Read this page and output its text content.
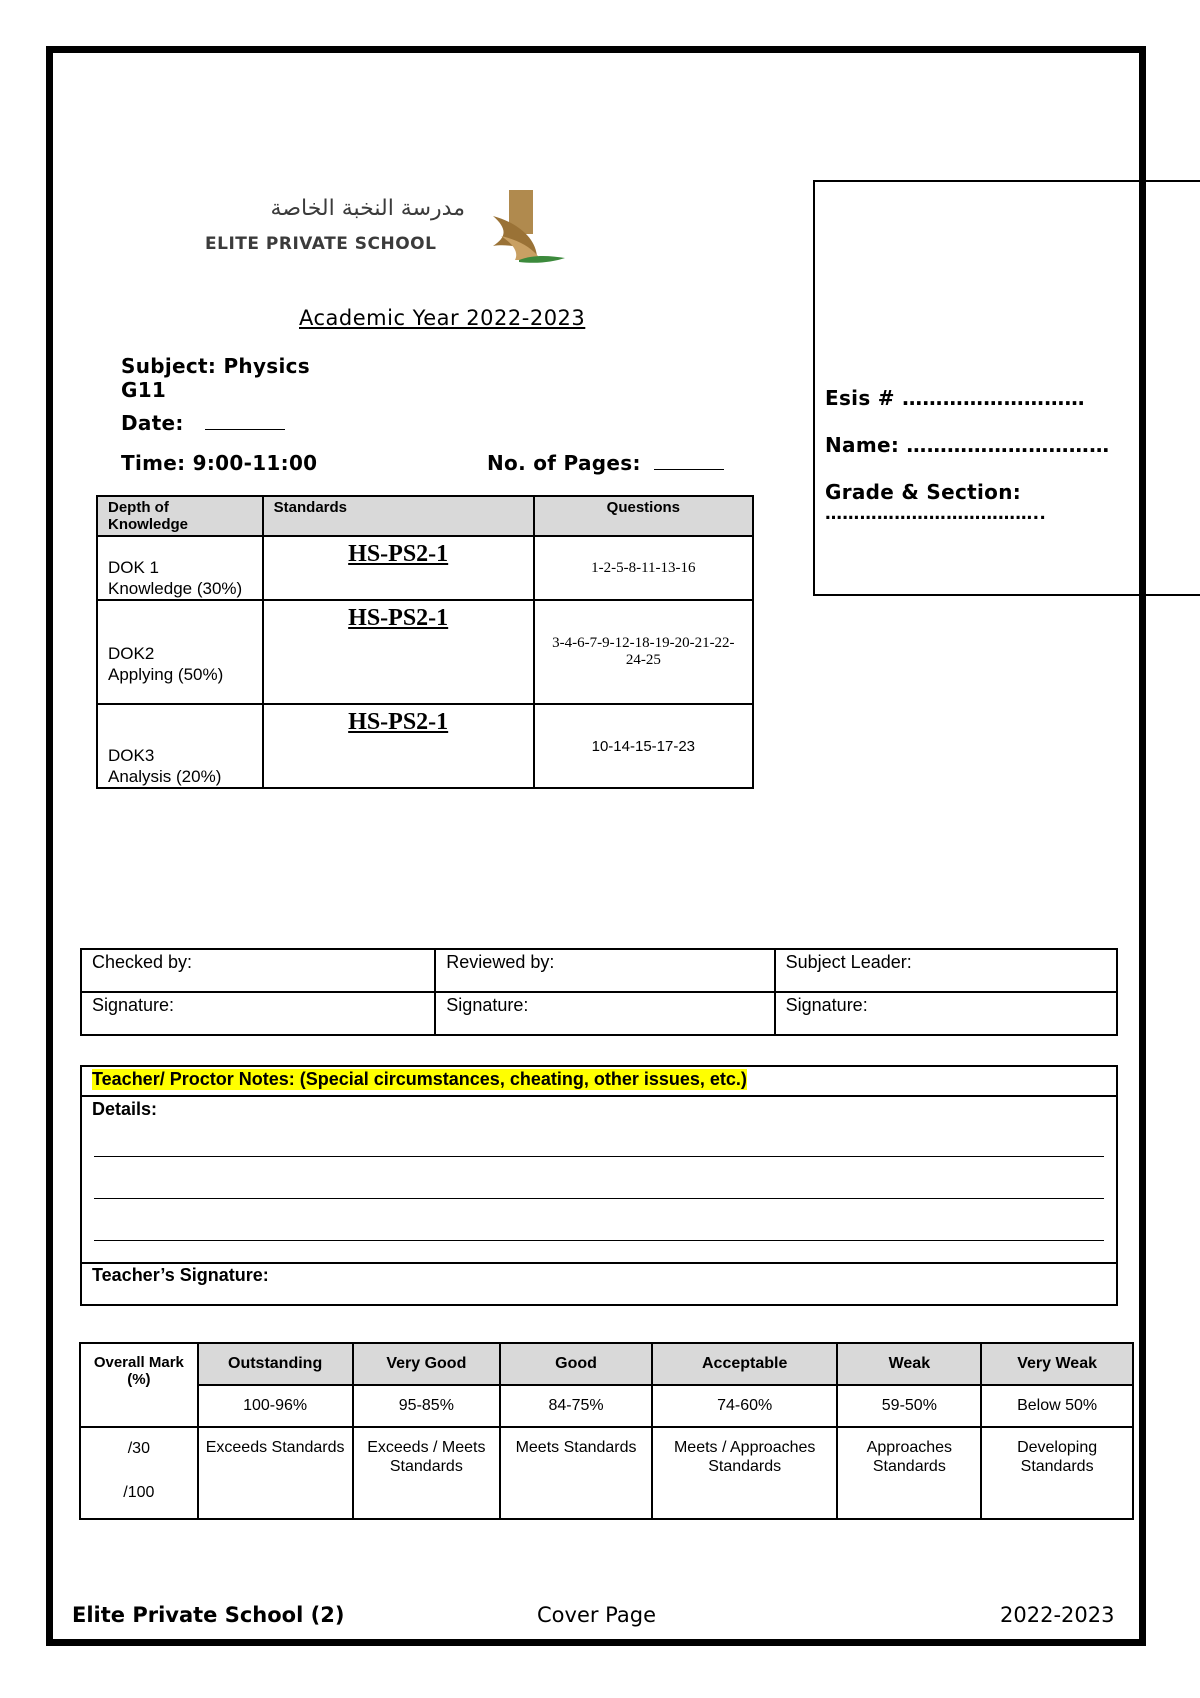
مدرسة النخبة الخاصة
ELITE PRIVATE SCHOOL
Academic Year 2022-2023
Subject: Physics
G11
Date:
Time: 9:00-11:00	No. of Pages:
Esis # ………………………
Name: …………………………
Grade & Section:
………………………………..
Depth of Knowledge	Standards	Questions
DOK 1
Knowledge (30%)	HS-PS2-1	1-2-5-8-11-13-16
DOK2
Applying (50%)	HS-PS2-1	3-4-6-7-9-12-18-19-20-21-22-24-25
DOK3
Analysis (20%)	HS-PS2-1	10-14-15-17-23
Checked by:	Reviewed by:	Subject Leader:
Signature:	Signature:	Signature:
Teacher/ Proctor Notes: (Special circumstances, cheating, other issues, etc.)
Details:
Teacher’s Signature:
Overall Mark (%)	Outstanding	Very Good	Good	Acceptable	Weak	Very Weak
	100-96%	95-85%	84-75%	74-60%	59-50%	Below 50%
/30

/100	Exceeds Standards	Exceeds / Meets Standards	Meets Standards	Meets / Approaches Standards	Approaches Standards	Developing Standards
Elite Private School (2)	Cover Page	2022-2023
